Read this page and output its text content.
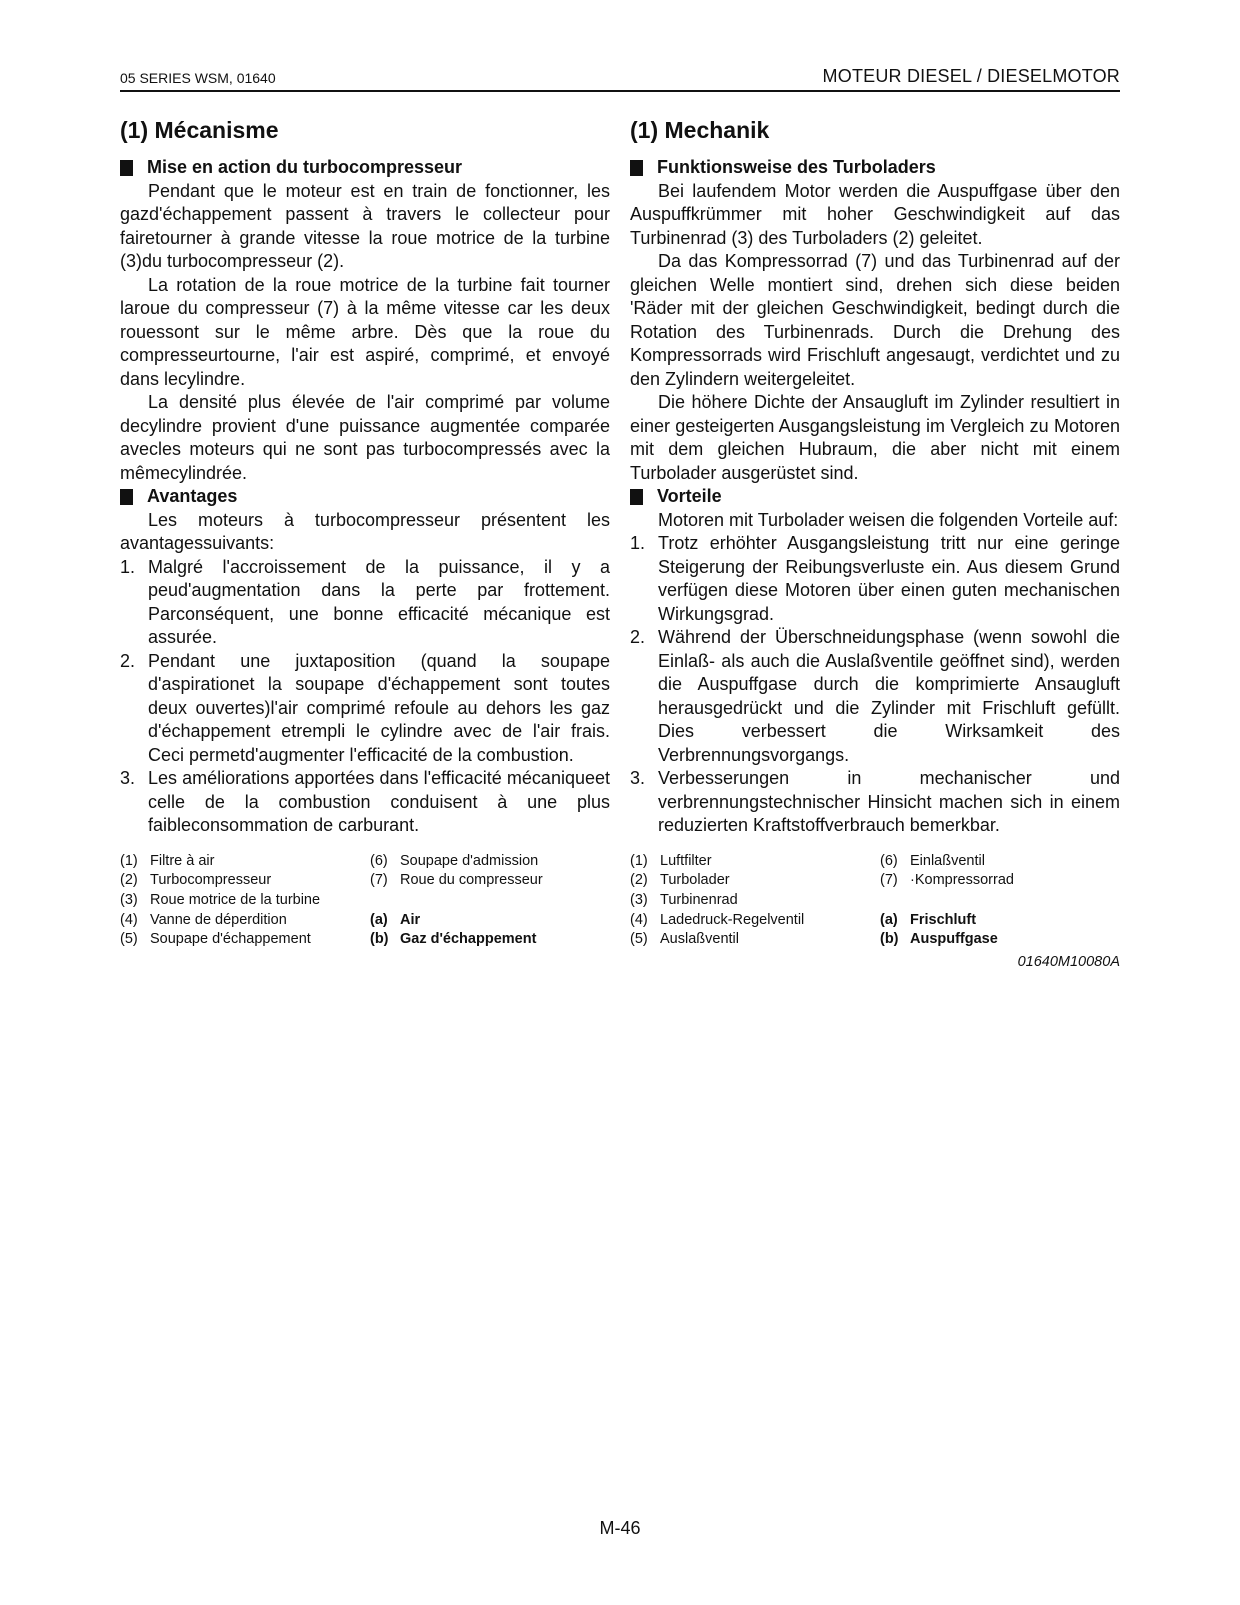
05 SERIES WSM, 01640	MOTEUR DIESEL / DIESELMOTOR
(1) Mécanisme
Mise en action du turbocompresseur

Pendant que le moteur est en train de fonctionner, les gazd'échappement passent à travers le collecteur pour fairetourner à grande vitesse la roue motrice de la turbine (3)du turbocompresseur (2).

La rotation de la roue motrice de la turbine fait tourner laroue du compresseur (7) à la même vitesse car les deux rouessont sur le même arbre. Dès que la roue du compresseurtourne, l'air est aspiré, comprimé, et envoyé dans lecylindre.

La densité plus élevée de l'air comprimé par volume decylindre provient d'une puissance augmentée comparée avecles moteurs qui ne sont pas turbocompressés avec la mêmecylindrée.

Avantages

Les moteurs à turbocompresseur présentent les avantagessuivants:

1. Malgré l'accroissement de la puissance, il y a peud'augmentation dans la perte par frottement. Parconséquent, une bonne efficacité mécanique est assurée.
2. Pendant une juxtaposition (quand la soupape d'aspirationet la soupape d'échappement sont toutes deux ouvertes)l'air comprimé refoule au dehors les gaz d'échappement etrempli le cylindre avec de l'air frais. Ceci permetd'augmenter l'efficacité de la combustion.
3. Les améliorations apportées dans l'efficacité mécaniqueet celle de la combustion conduisent à une plus faibleconsommation de carburant.
(1) Filtre à air	(6) Soupape d'admission
(2) Turbocompresseur	(7) Roue du compresseur
(3) Roue motrice de la turbine
(4) Vanne de déperdition	(a) Air
(5) Soupape d'échappement	(b) Gaz d'échappement
(1) Mechanik
Funktionsweise des Turboladers

Bei laufendem Motor werden die Auspuffgase über den Auspuffkrümmer mit hoher Geschwindigkeit auf das Turbinenrad (3) des Turboladers (2) geleitet.

Da das Kompressorrad (7) und das Turbinenrad auf der gleichen Welle montiert sind, drehen sich diese beiden 'Räder mit der gleichen Geschwindigkeit, bedingt durch die Rotation des Turbinenrads. Durch die Drehung des Kompressorrads wird Frischluft angesaugt, verdichtet und zu den Zylindern weitergeleitet.

Die höhere Dichte der Ansaugluft im Zylinder resultiert in einer gesteigerten Ausgangsleistung im Vergleich zu Motoren mit dem gleichen Hubraum, die aber nicht mit einem Turbolader ausgerüstet sind.

Vorteile

Motoren mit Turbolader weisen die folgenden Vorteile auf:

1. Trotz erhöhter Ausgangsleistung tritt nur eine geringe Steigerung der Reibungsverluste ein. Aus diesem Grund verfügen diese Motoren über einen guten mechanischen Wirkungsgrad.
2. Während der Überschneidungsphase (wenn sowohl die Einlaß- als auch die Auslaßventile geöffnet sind), werden die Auspuffgase durch die komprimierte Ansaugluft herausgedrückt und die Zylinder mit Frischluft gefüllt. Dies verbessert die Wirksamkeit des Verbrennungsvorgangs.
3. Verbesserungen in mechanischer und verbrennungstechnischer Hinsicht machen sich in einem reduzierten Kraftstoffverbrauch bemerkbar.
(1) Luftfilter	(6) Einlaßventil
(2) Turbolader	(7) ·Kompressorrad
(3) Turbinenrad
(4) Ladedruck-Regelventil	(a) Frischluft
(5) Auslaßventil	(b) Auspuffgase
01640M10080A
M-46
